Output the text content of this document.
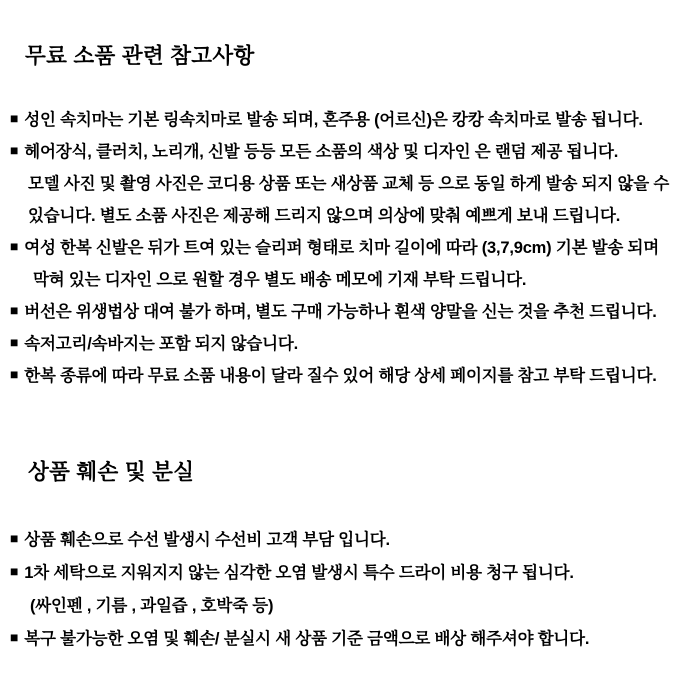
무료 소품 관련 참고사항
■ 성인 속치마는 기본 링속치마로 발송 되며, 혼주용 (어르신)은 캉캉 속치마로 발송 됩니다.
■ 헤어장식, 클러치, 노리개, 신발 등등 모든 소품의 색상 및 디자인 은 랜덤 제공 됩니다.
모델 사진 및 촬영 사진은 코디용 상품 또는 새상품 교체 등 으로 동일 하게 발송 되지 않을 수
있습니다. 별도 소품 사진은 제공해 드리지 않으며 의상에 맞춰 예쁘게 보내 드립니다.
■ 여성 한복 신발은 뒤가 트여 있는 슬리퍼 형태로 치마 길이에 따라 (3,7,9cm) 기본 발송 되며
막혀 있는 디자인 으로 원할 경우 별도 배송 메모에 기재 부탁 드립니다.
■ 버선은 위생법상 대여 불가 하며, 별도 구매 가능하나 흰색 양말을 신는 것을 추천 드립니다.
■ 속저고리/속바지는 포함 되지 않습니다.
■ 한복 종류에 따라 무료 소품 내용이 달라 질수 있어 해당 상세 페이지를 참고 부탁 드립니다.
상품 훼손 및 분실
■ 상품 훼손으로 수선 발생시 수선비 고객 부담 입니다.
■ 1차 세탁으로 지워지지 않는 심각한 오염 발생시 특수 드라이 비용 청구 됩니다.
(싸인펜 , 기름 , 과일즙 , 호박죽 등)
■ 복구 불가능한 오염 및 훼손/ 분실시 새 상품 기준 금액으로 배상 해주셔야 합니다.
